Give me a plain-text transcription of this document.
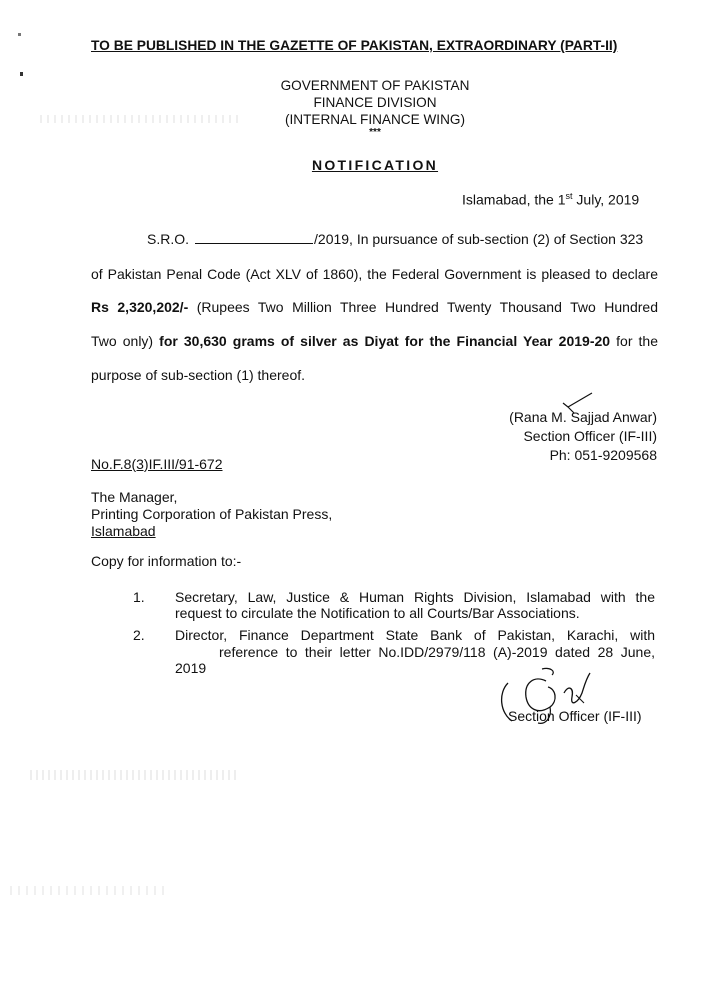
TO BE PUBLISHED IN THE GAZETTE OF PAKISTAN, EXTRAORDINARY (PART-II)

GOVERNMENT OF PAKISTAN
FINANCE DIVISION
(INTERNAL FINANCE WING)
***

NOTIFICATION

Islamabad, the 1st July, 2019

S.R.O.	/2019, In pursuance of sub-section (2) of Section 323

of Pakistan Penal Code (Act XLV of 1860), the Federal Government is pleased to declare

Rs 2,320,202/- (Rupees Two Million Three Hundred Twenty Thousand Two Hundred

Two only) for 30,630 grams of silver as Diyat for the Financial Year 2019-20 for the

purpose of sub-section (1) thereof.

(Rana M. Sajjad Anwar)
Section Officer (IF-III)
Ph: 051-9209568

No.F.8(3)IF.III/91-672

The Manager,
Printing Corporation of Pakistan Press,
Islamabad

Copy for information to:-

1. Secretary, Law, Justice & Human Rights Division, Islamabad with the

request to circulate the Notification to all Courts/Bar Associations.

2. Director, Finance Department State Bank of Pakistan, Karachi, with

reference to their letter No.IDD/2979/118 (A)-2019 dated 28 June,

2019

Section Officer (IF-III)
